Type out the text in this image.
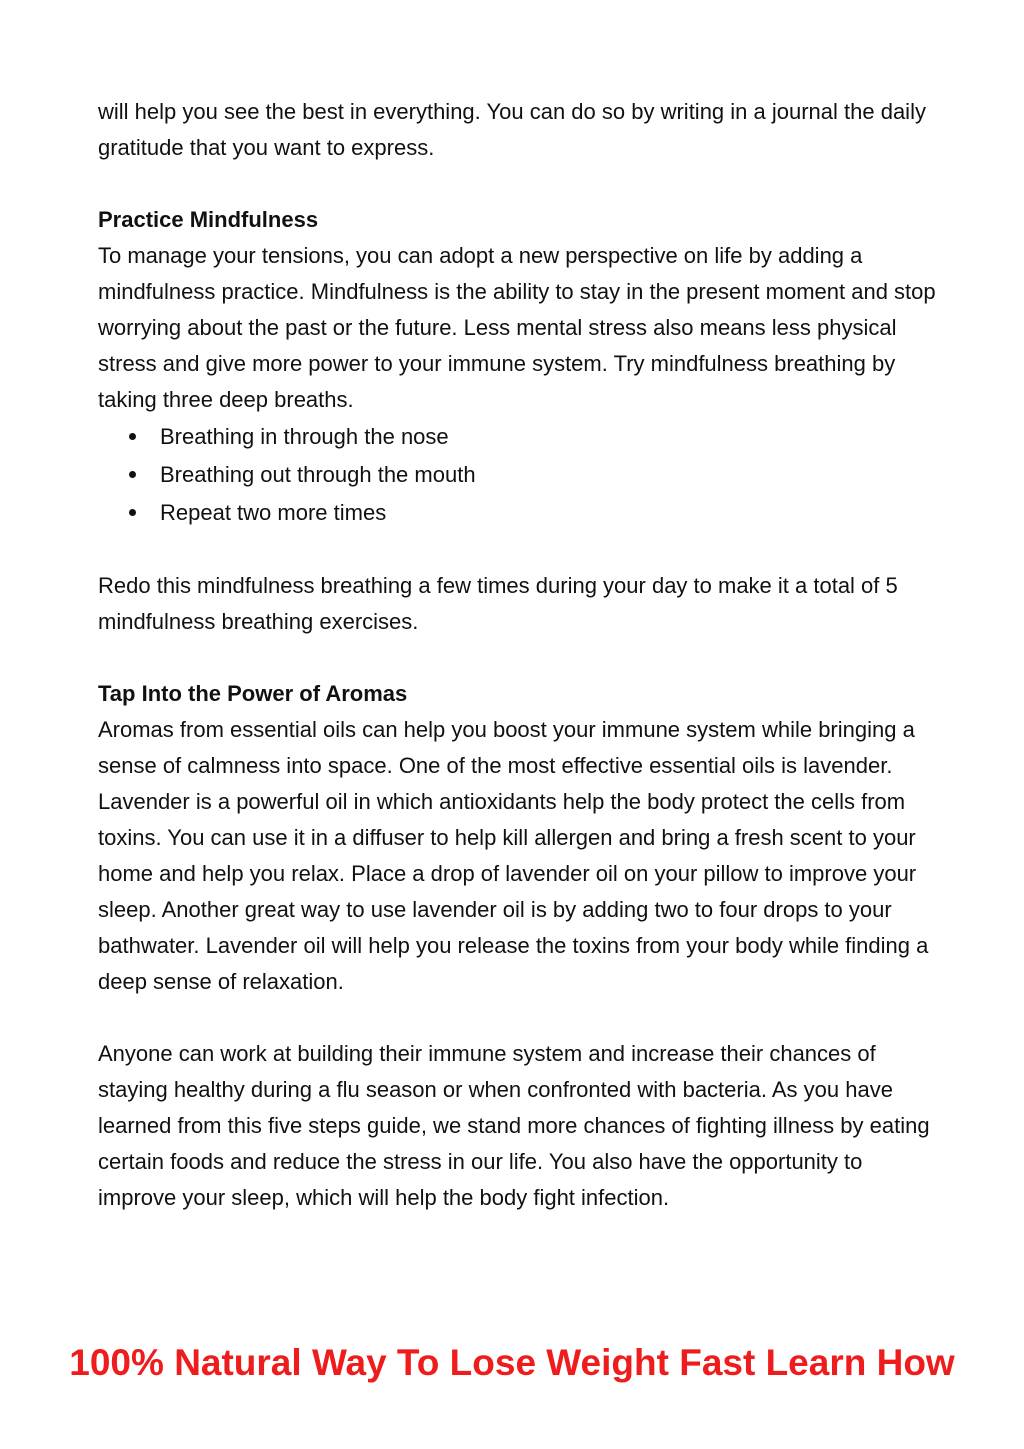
will help you see the best in everything. You can do so by writing in a journal the daily gratitude that you want to express.

Practice Mindfulness

To manage your tensions, you can adopt a new perspective on life by adding a mindfulness practice. Mindfulness is the ability to stay in the present moment and stop worrying about the past or the future. Less mental stress also means less physical stress and give more power to your immune system. Try mindfulness breathing by taking three deep breaths.

Breathing in through the nose
Breathing out through the mouth
Repeat two more times

Redo this mindfulness breathing a few times during your day to make it a total of 5 mindfulness breathing exercises.

Tap Into the Power of Aromas

Aromas from essential oils can help you boost your immune system while bringing a sense of calmness into space. One of the most effective essential oils is lavender. Lavender is a powerful oil in which antioxidants help the body protect the cells from toxins. You can use it in a diffuser to help kill allergen and bring a fresh scent to your home and help you relax. Place a drop of lavender oil on your pillow to improve your sleep. Another great way to use lavender oil is by adding two to four drops to your bathwater. Lavender oil will help you release the toxins from your body while finding a deep sense of relaxation.

Anyone can work at building their immune system and increase their chances of staying healthy during a flu season or when confronted with bacteria. As you have learned from this five steps guide, we stand more chances of fighting illness by eating certain foods and reduce the stress in our life. You also have the opportunity to improve your sleep, which will help the body fight infection.

100% Natural Way To Lose Weight Fast Learn How
